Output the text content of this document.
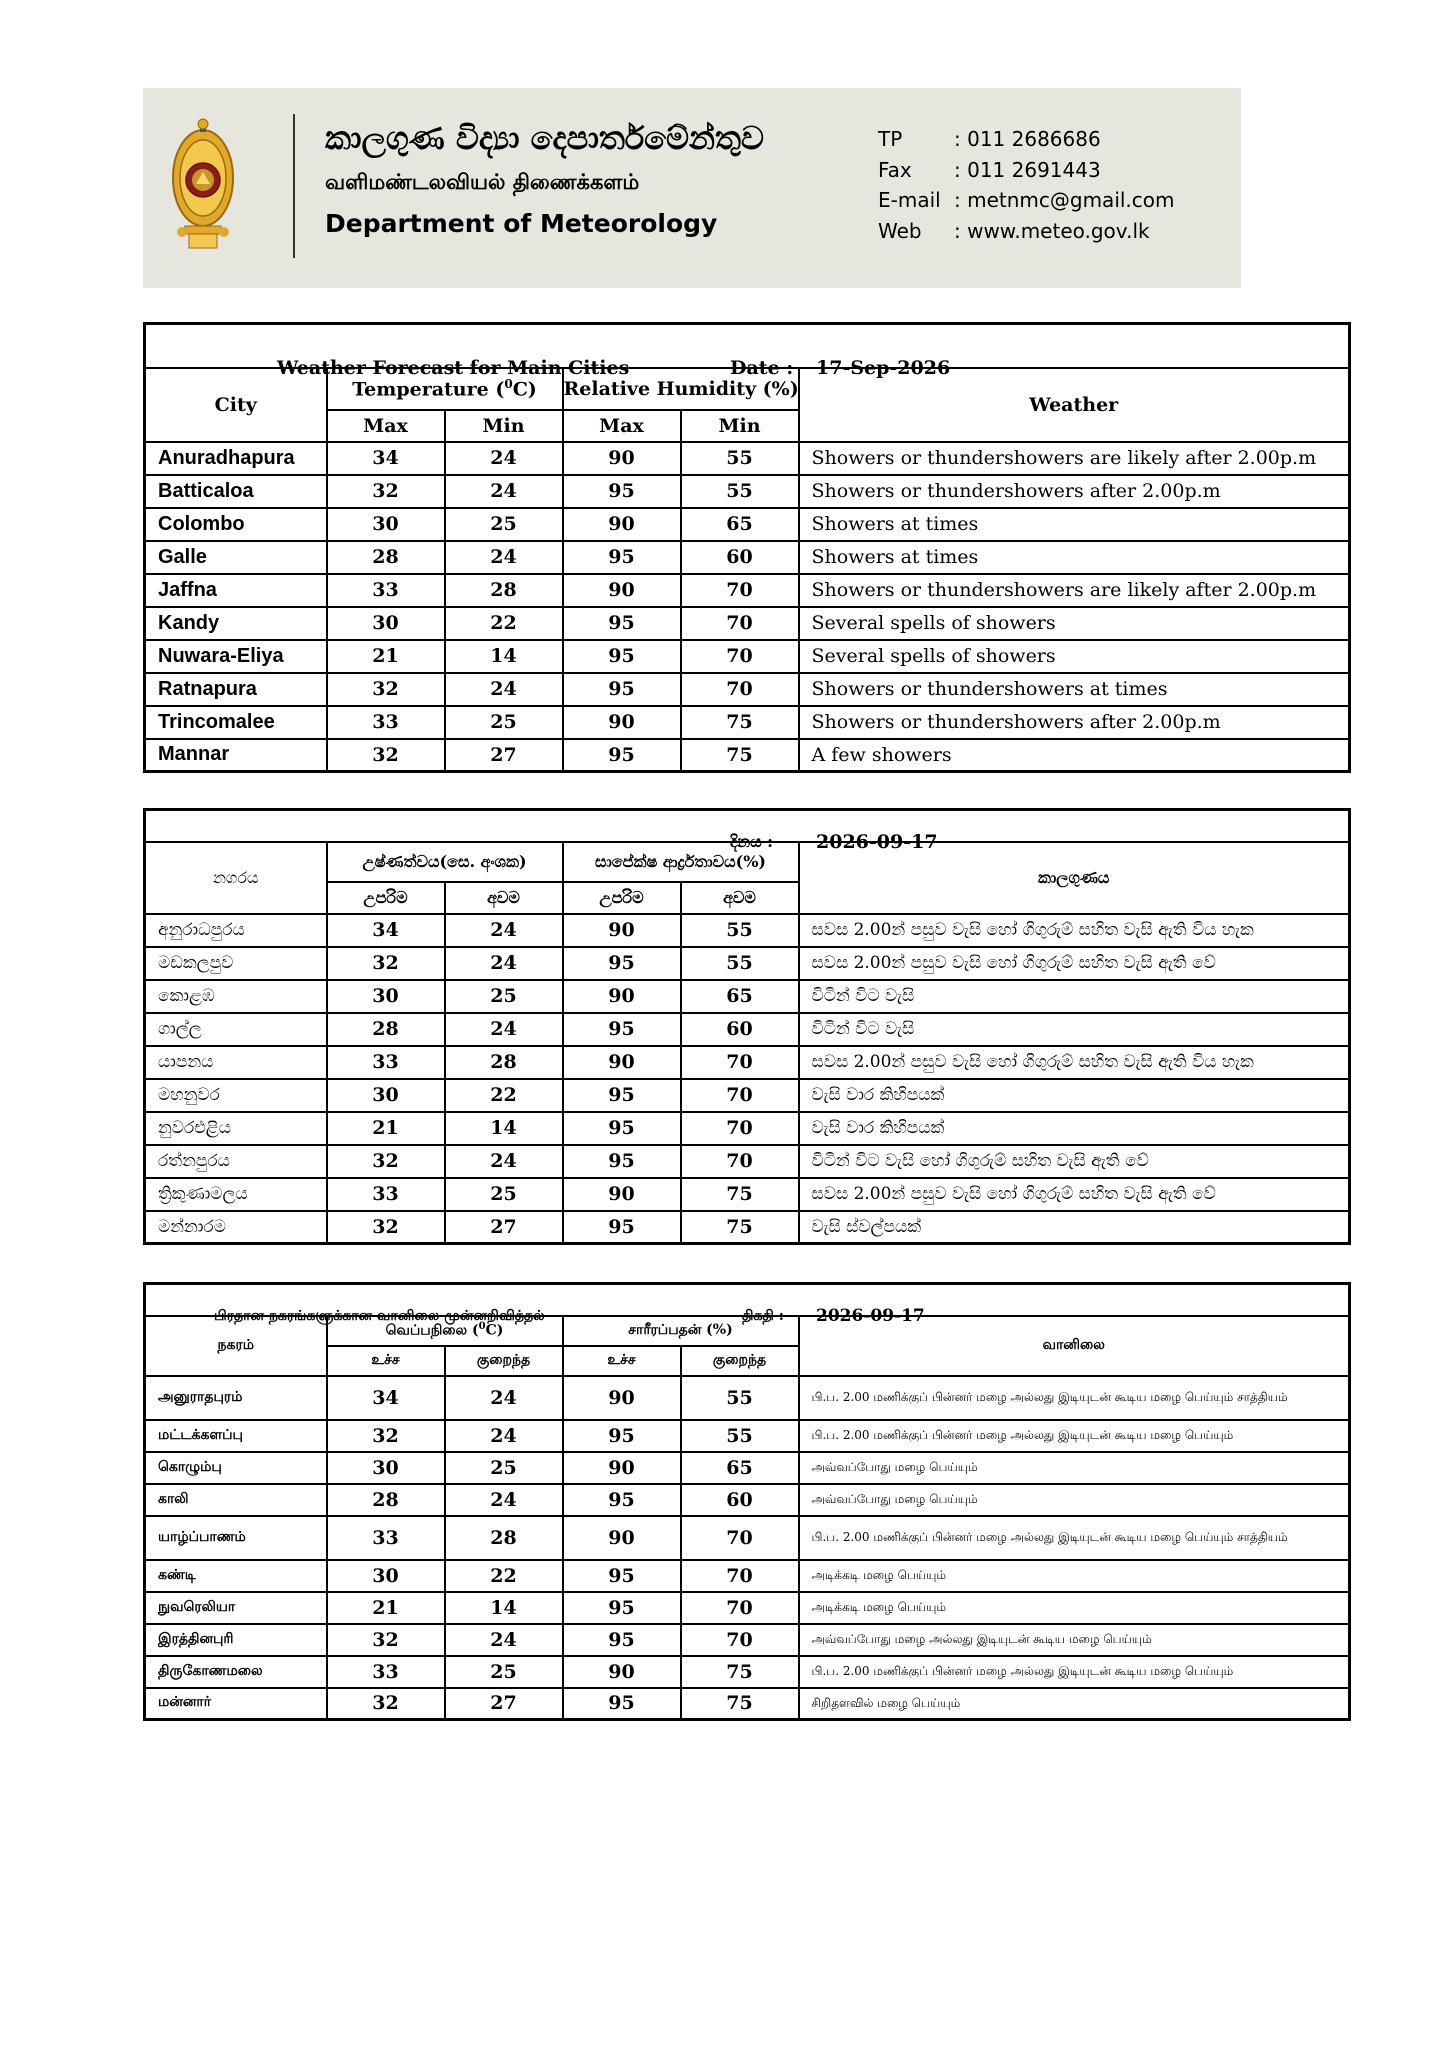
කාලගුණ විද්‍යා දෙපාර්තමේන්තුව
வளிமண்டலவியல் திணைக்களம்
Department of Meteorology
TP	: 011 2686686
Fax : 011 2691443
E-mail : metnmc@gmail.com
Web : www.meteo.gov.lk
Weather Forecast for Main Cities Date : 17-Sep-2026					

City	Temperature ($^0$C)		Relative Humidity (%)		Weather
	Max	Min	Max	Min	
Anuradhapura	34	24	90	55	Showers or thundershowers are likely after 2.00p.m
Batticaloa	32	24	95	55	Showers or thundershowers after 2.00p.m
Colombo	30	25	90	65	Showers at times
Galle	28	24	95	60	Showers at times
Jaffna	33	28	90	70	Showers or thundershowers are likely after 2.00p.m
Kandy	30	22	95	70	Several spells of showers
Nuwara-Eliya	21	14	95	70	Several spells of showers
Ratnapura	32	24	95	70	Showers or thundershowers at times
Trincomalee	33	25	90	75	Showers or thundershowers after 2.00p.m
Mannar	32	27	95	75	A few showers
දිනය : 2026-09-17					

නගරය	උෂ්ණත්වය(සෙ. අංශක)		සාපේක්ෂ ආර්ද්‍රතාවය(%)		කාලගුණය
	උපරිම	අවම	උපරිම	අවම	
අනුරාධපුරය	34	24	90	55	සවස 2.00න් පසුව වැසි හෝ ගිගුරුම් සහිත වැසි ඇති විය හැක
මඩකලපුව	32	24	95	55	සවස 2.00න් පසුව වැසි හෝ ගිගුරුම් සහිත වැසි ඇති වේ
කොළඹ	30	25	90	65	විටින් විට වැසි
ගාල්ල	28	24	95	60	විටින් විට වැසි
යාපනය	33	28	90	70	සවස 2.00න් පසුව වැසි හෝ ගිගුරුම් සහිත වැසි ඇති විය හැක
මහනුවර	30	22	95	70	වැසි වාර කිහිපයක්
නුවරඑළිය	21	14	95	70	වැසි වාර කිහිපයක්
රත්නපුරය	32	24	95	70	විටින් විට වැසි හෝ ගිගුරුම් සහිත වැසි ඇති වේ
ත්‍රිකුණාමලය	33	25	90	75	සවස 2.00න් පසුව වැසි හෝ ගිගුරුම් සහිත වැසි ඇති වේ
මන්නාරම	32	27	95	75	වැසි ස්වල්පයක්
பிரதான நகரங்களுக்கான வானிலை முன்னறிவித்தல் திகதி : 2026-09-17					

நகரம்	வெப்பநிலை ($^0$C)		சாரீரப்பதன் (%)		வானிலை
	உச்ச	குறைந்த	உச்ச	குறைந்த	
அனுராதபுரம்	34	24	90	55	பி.ப. 2.00 மணிக்குப் பின்னர் மழை அல்லது இடியுடன் கூடிய மழை பெய்யும் சாத்தியம்
மட்டக்களப்பு	32	24	95	55	பி.ப. 2.00 மணிக்குப் பின்னர் மழை அல்லது இடியுடன் கூடிய மழை பெய்யும்
கொழும்பு	30	25	90	65	அவ்வப்போது மழை பெய்யும்
காலி	28	24	95	60	அவ்வப்போது மழை பெய்யும்
யாழ்ப்பாணம்	33	28	90	70	பி.ப. 2.00 மணிக்குப் பின்னர் மழை அல்லது இடியுடன் கூடிய மழை பெய்யும் சாத்தியம்
கண்டி	30	22	95	70	அடிக்கடி மழை பெய்யும்
நுவரெலியா	21	14	95	70	அடிக்கடி மழை பெய்யும்
இரத்தினபுரி	32	24	95	70	அவ்வப்போது மழை அல்லது இடியுடன் கூடிய மழை பெய்யும்
திருகோணமலை	33	25	90	75	பி.ப. 2.00 மணிக்குப் பின்னர் மழை அல்லது இடியுடன் கூடிய மழை பெய்யும்
மன்னார்	32	27	95	75	சிறிதளவில் மழை பெய்யும்
